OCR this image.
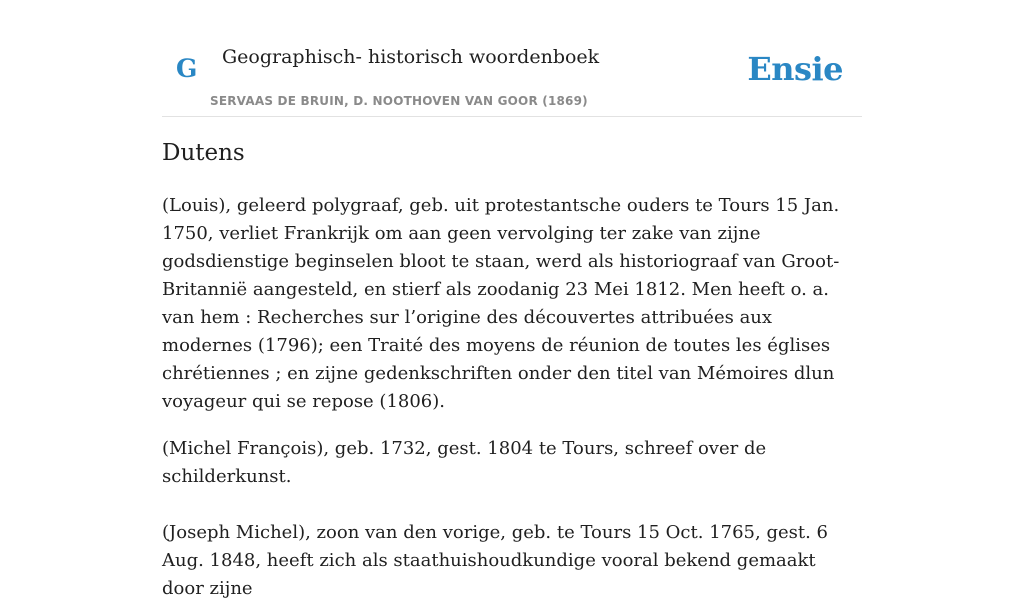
G Geographisch- historisch woordenboek
SERVAAS DE BRUIN, D. NOOTHOVEN VAN GOOR (1869)
Ensie
Dutens

(Louis), geleerd polygraaf, geb. uit protestantsche ouders te Tours 15 Jan. 1750, verliet Frankrijk om aan geen vervolging ter zake van zijne godsdienstige beginselen bloot te staan, werd als historiograaf van Groot-Britannië aangesteld, en stierf als zoodanig 23 Mei 1812. Men heeft o. a. van hem : Recherches sur l’origine des découvertes attribuées aux modernes (1796); een Traité des moyens de réunion de toutes les églises chrétiennes ; en zijne gedenkschriften onder den titel van Mémoires dlun voyageur qui se repose (1806).

(Michel François), geb. 1732, gest. 1804 te Tours, schreef over de schilderkunst.

(Joseph Michel), zoon van den vorige, geb. te Tours 15 Oct. 1765, gest. 6 Aug. 1848, heeft zich als staathuishoudkundige vooral bekend gemaakt door zijne
